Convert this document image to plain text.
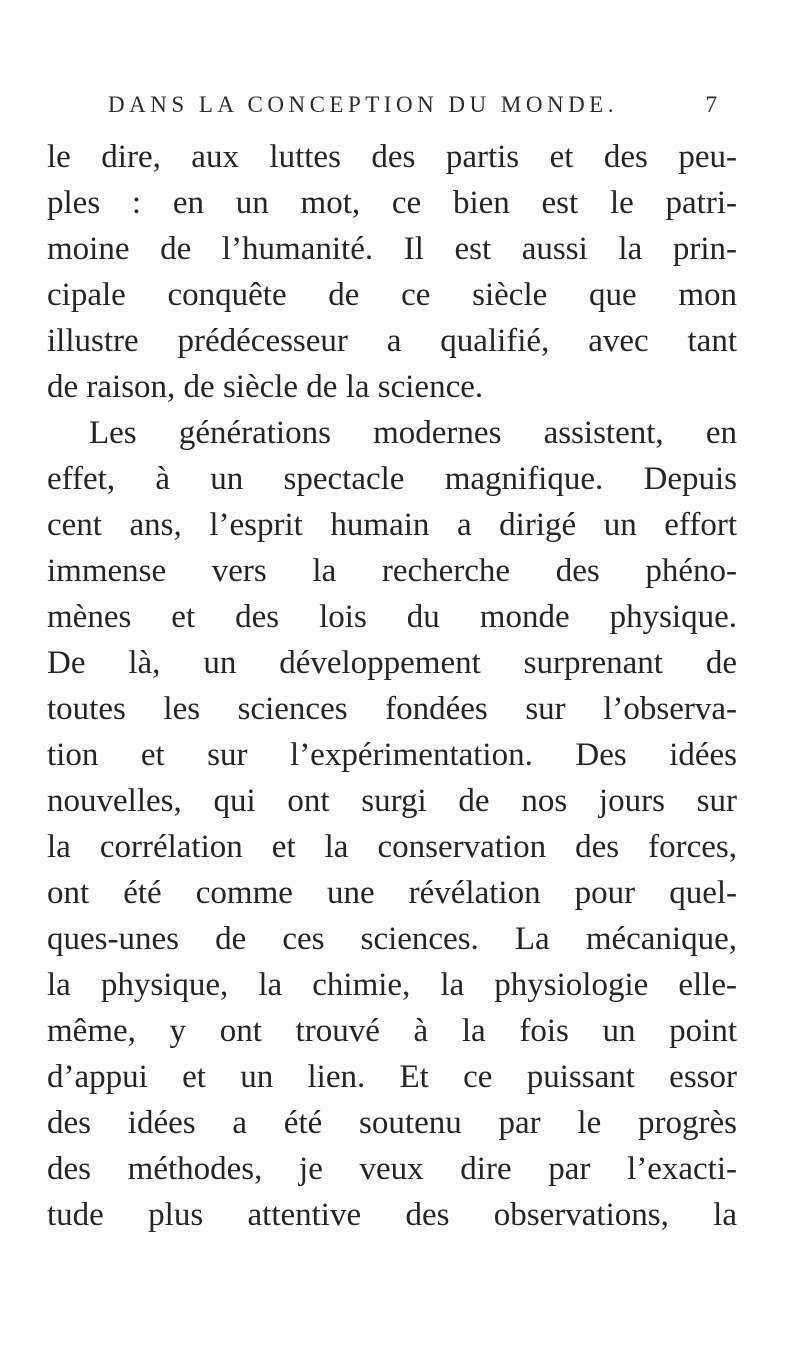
DANS LA CONCEPTION DU MONDE.	7
le dire, aux luttes des partis et des peu-
ples : en un mot, ce bien est le patri-
moine de l’humanité. Il est aussi la prin-
cipale conquête de ce siècle que mon
illustre prédécesseur a qualifié, avec tant
de raison, de siècle de la science.
Les générations modernes assistent, en
effet, à un spectacle magnifique. Depuis
cent ans, l’esprit humain a dirigé un effort
immense vers la recherche des phéno-
mènes et des lois du monde physique.
De là, un développement surprenant de
toutes les sciences fondées sur l’observa-
tion et sur l’expérimentation. Des idées
nouvelles, qui ont surgi de nos jours sur
la corrélation et la conservation des forces,
ont été comme une révélation pour quel-
ques-unes de ces sciences. La mécanique,
la physique, la chimie, la physiologie elle-
même, y ont trouvé à la fois un point
d’appui et un lien. Et ce puissant essor
des idées a été soutenu par le progrès
des méthodes, je veux dire par l’exacti-
tude plus attentive des observations, la
